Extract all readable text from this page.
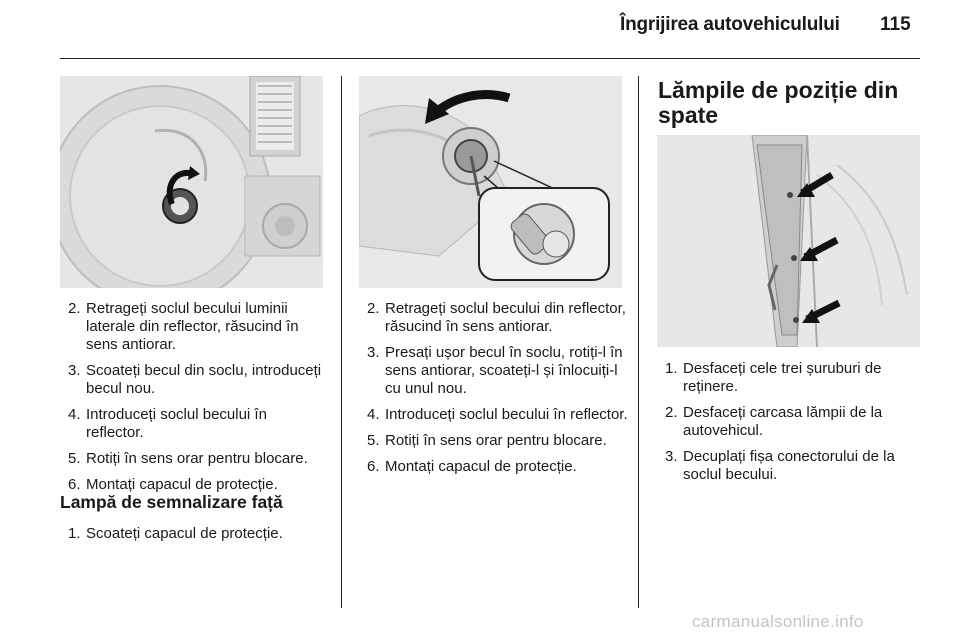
Îngrijirea autovehiculului 115
2. Retrageți soclul becului luminii laterale din reflector, răsucind în sens antiorar.
3. Scoateți becul din soclu, introduceți becul nou.
4. Introduceți soclul becului în reflector.
5. Rotiți în sens orar pentru blocare.
6. Montați capacul de protecție.
Lampă de semnalizare față
1. Scoateți capacul de protecție.
2. Retrageți soclul becului din reflector, răsucind în sens antiorar.
3. Presați ușor becul în soclu, rotiți-l în sens antiorar, scoateți-l și înlocuiți-l cu unul nou.
4. Introduceți soclul becului în reflector.
5. Rotiți în sens orar pentru blocare.
6. Montați capacul de protecție.
Lămpile de poziție din spate
1. Desfaceți cele trei șuruburi de reținere.
2. Desfaceți carcasa lămpii de la autovehicul.
3. Decuplați fișa conectorului de la soclul becului.
carmanualsonline.info
